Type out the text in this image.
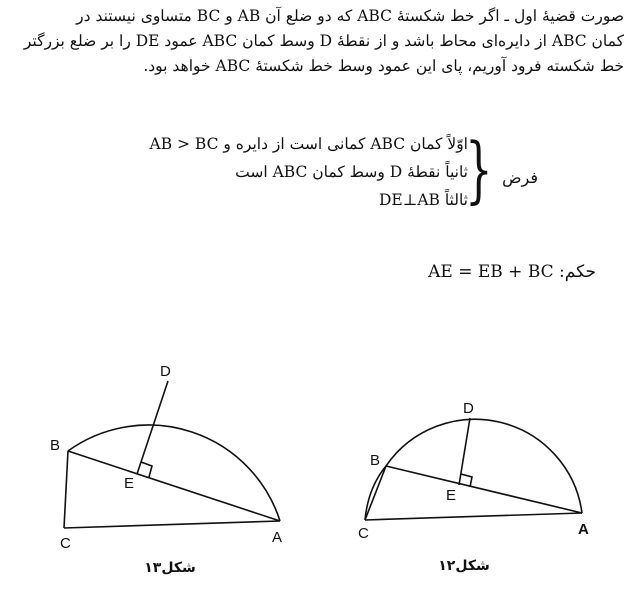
صورت قضیهٔ اول ـ اگر خط شکستهٔ ABC که دو ضلع آن AB و BC متساوی نیستند در
کمان ABC از دایره‌ای محاط باشد و از نقطهٔ D وسط کمان ABC عمود DE را بر ضلع بزرگتر
خط شکسته فرود آوریم، پای این عمود وسط خط شکستهٔ ABC خواهد بود.
فرض
{
اوّلاً کمان ABC کمانی است از دایره و AB > BC
ثانیاً نقطهٔ D وسط کمان ABC است
ثالثاً DE⊥AB
حکم: AE = EB + BC
D
B
E
C	A
شکل۱۳
D
B
E
C	A
شکل۱۲
